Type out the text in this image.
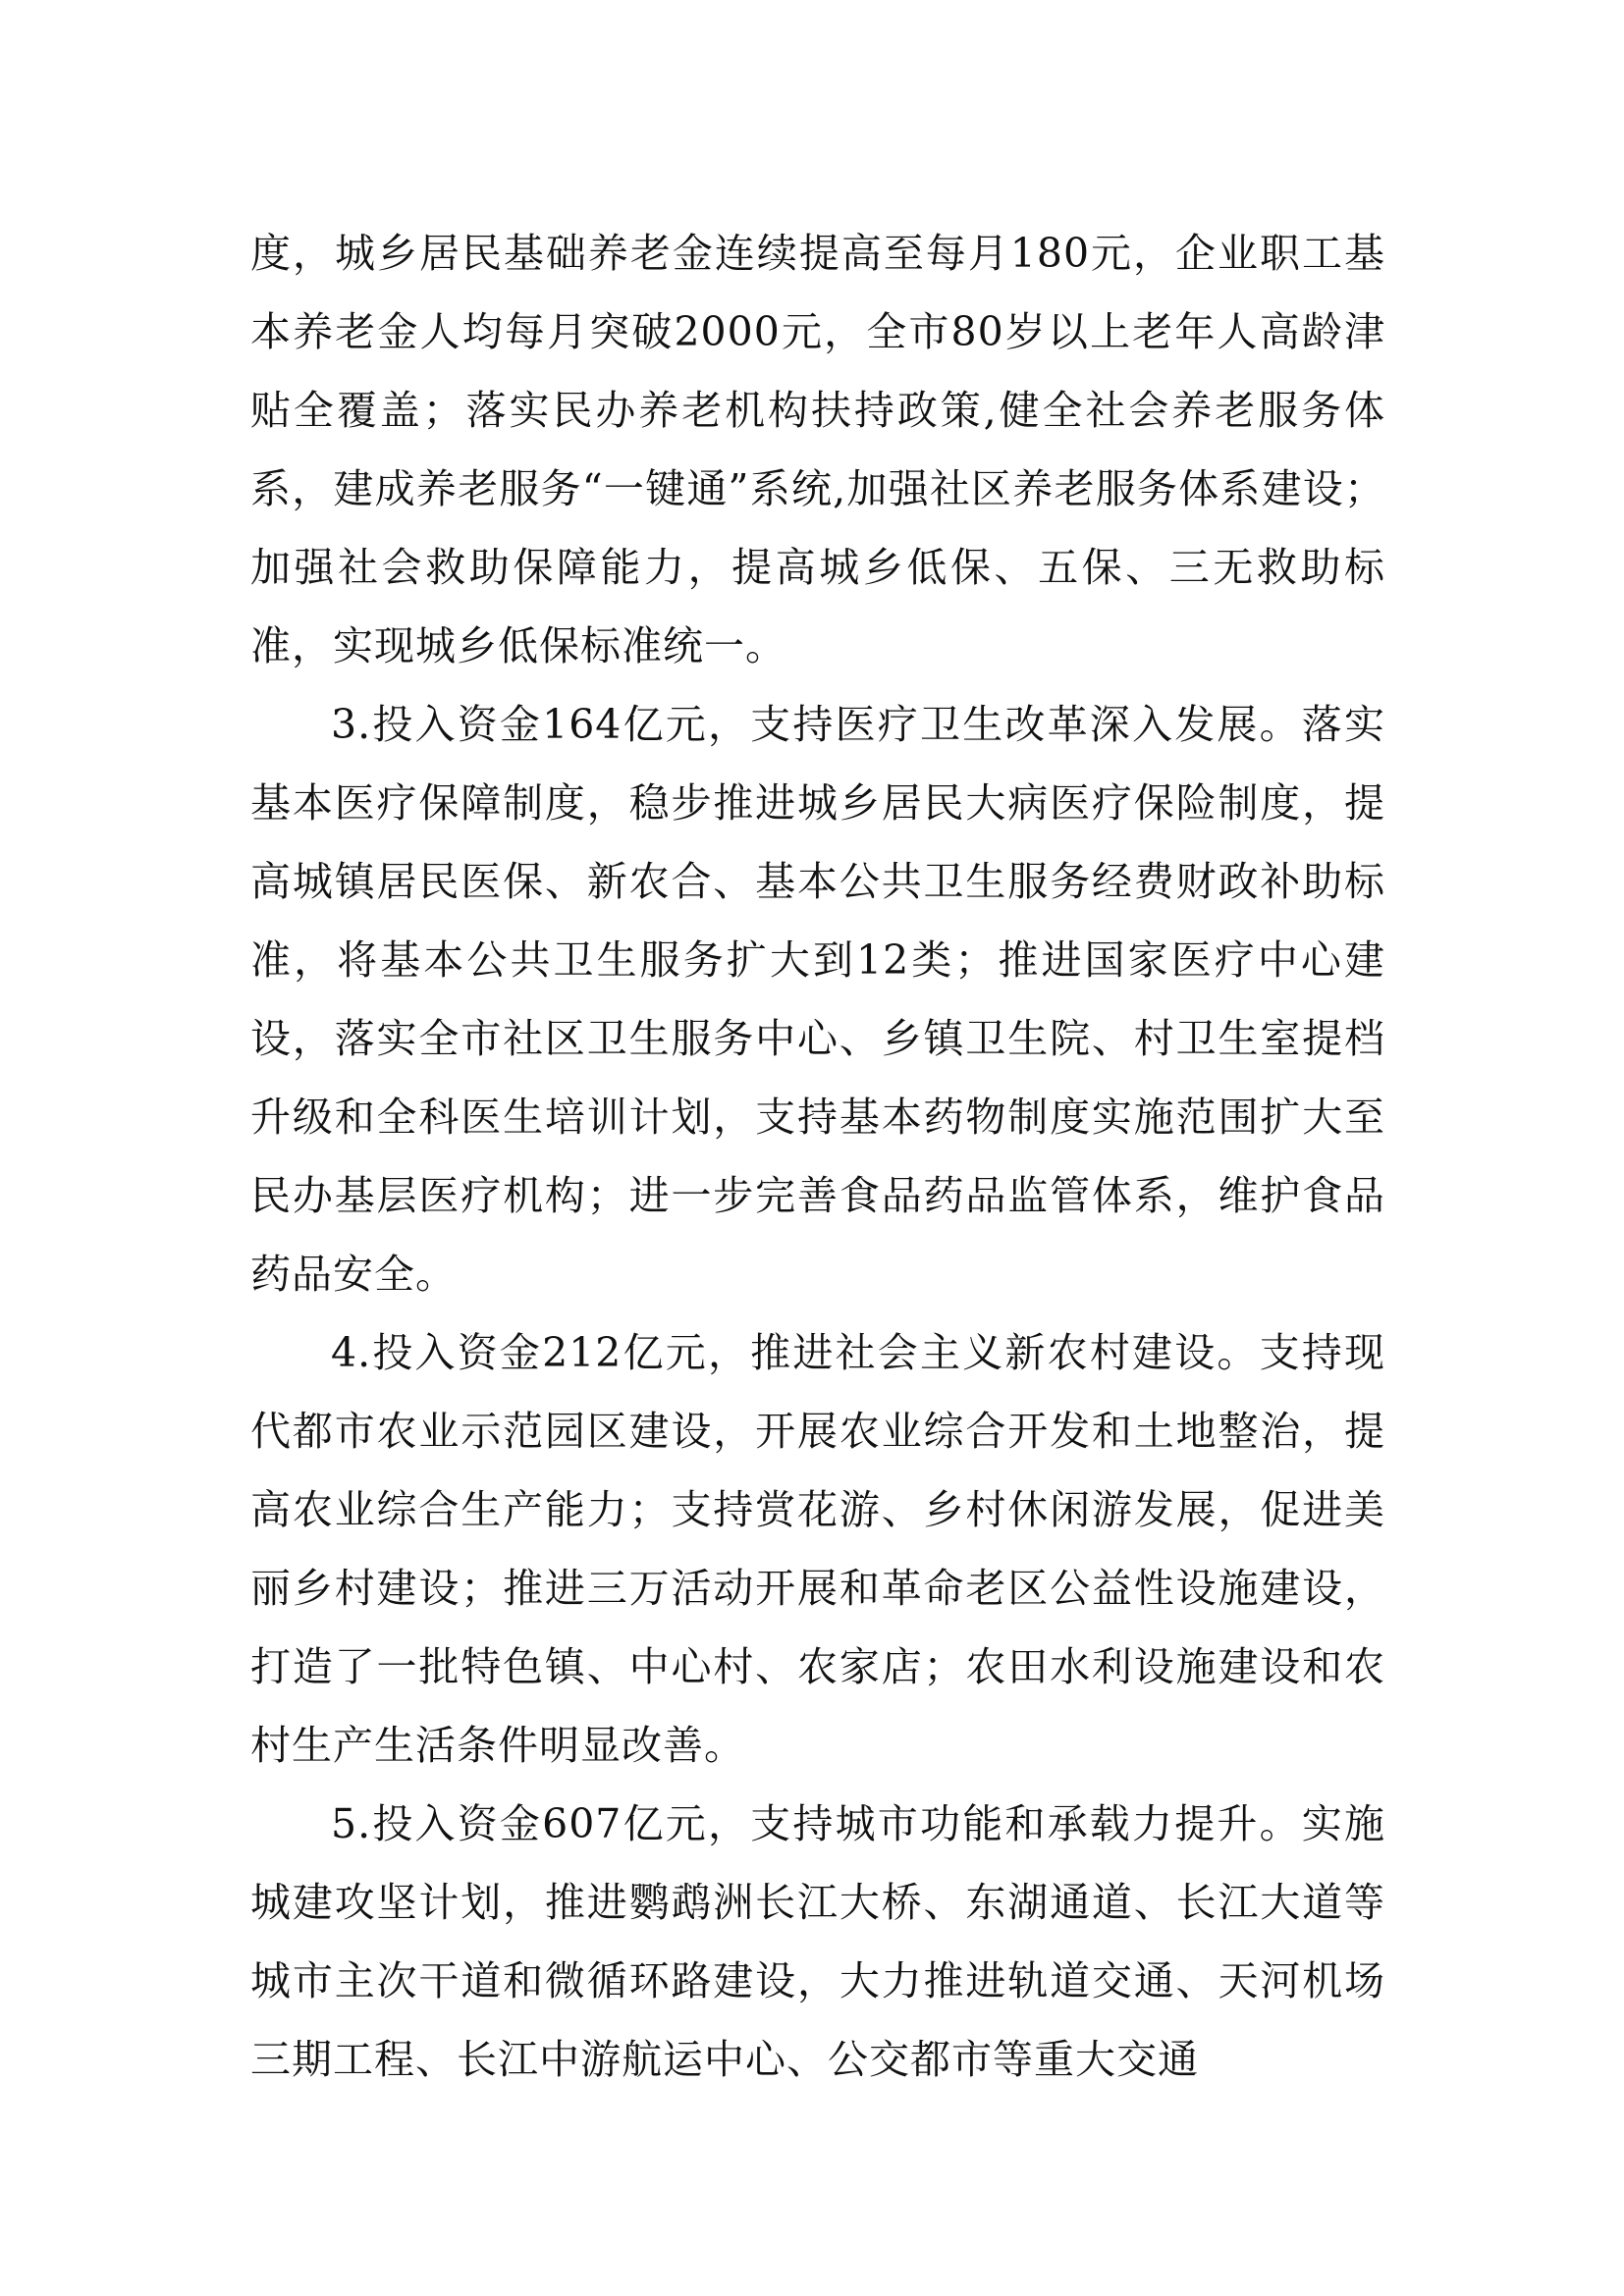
度，城乡居民基础养老金连续提高至每月180元，企业职工基本养老金人均每月突破2000元，全市80岁以上老年人高龄津贴全覆盖；落实民办养老机构扶持政策,健全社会养老服务体系，建成养老服务“一键通”系统,加强社区养老服务体系建设；加强社会救助保障能力，提高城乡低保、五保、三无救助标准，实现城乡低保标准统一。

3.投入资金164亿元，支持医疗卫生改革深入发展。落实基本医疗保障制度，稳步推进城乡居民大病医疗保险制度，提高城镇居民医保、新农合、基本公共卫生服务经费财政补助标准，将基本公共卫生服务扩大到12类；推进国家医疗中心建设，落实全市社区卫生服务中心、乡镇卫生院、村卫生室提档升级和全科医生培训计划，支持基本药物制度实施范围扩大至民办基层医疗机构；进一步完善食品药品监管体系，维护食品药品安全。

4.投入资金212亿元，推进社会主义新农村建设。支持现代都市农业示范园区建设，开展农业综合开发和土地整治，提高农业综合生产能力；支持赏花游、乡村休闲游发展，促进美丽乡村建设；推进三万活动开展和革命老区公益性设施建设，打造了一批特色镇、中心村、农家店；农田水利设施建设和农村生产生活条件明显改善。

5.投入资金607亿元，支持城市功能和承载力提升。实施城建攻坚计划，推进鹦鹉洲长江大桥、东湖通道、长江大道等城市主次干道和微循环路建设，大力推进轨道交通、天河机场三期工程、长江中游航运中心、公交都市等重大交通
